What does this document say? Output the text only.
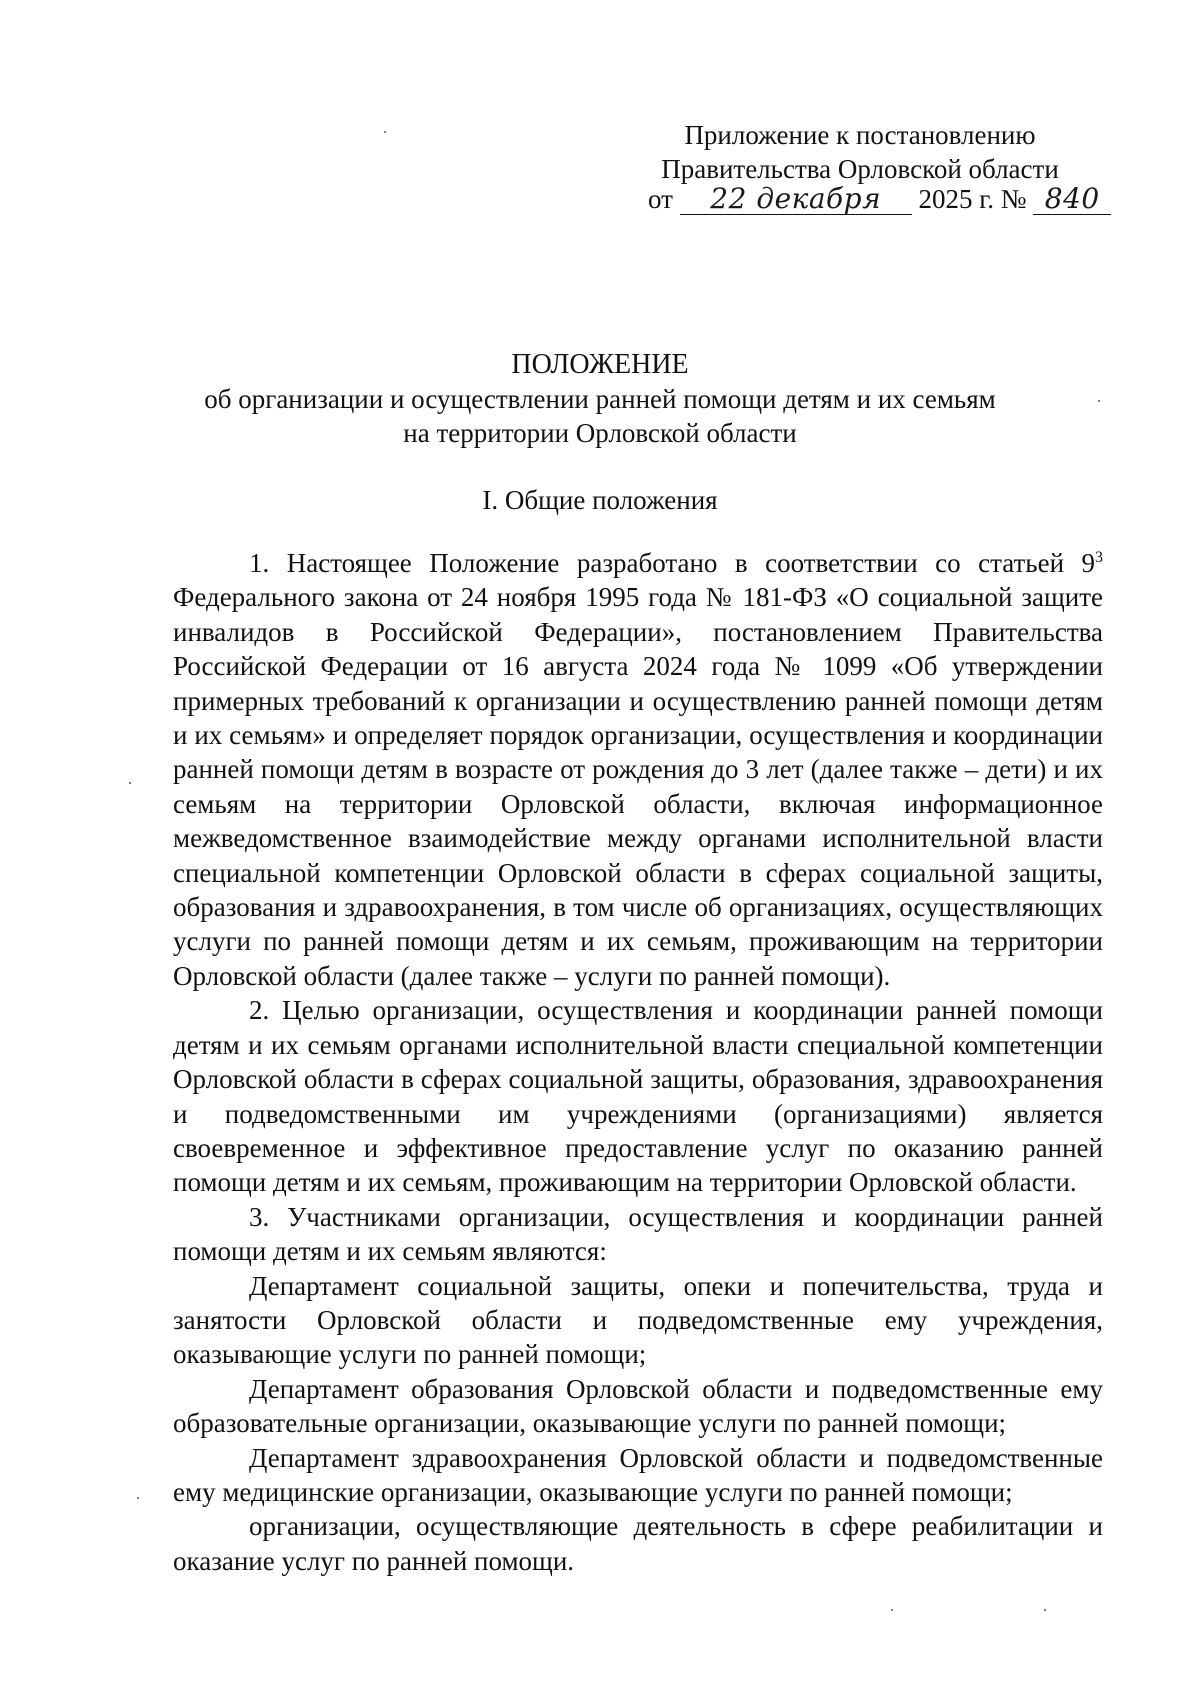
Приложение к постановлению
Правительства Орловской области
от 22 декабря 2025 г. № 840
ПОЛОЖЕНИЕ
об организации и осуществлении ранней помощи детям и их семьям
на территории Орловской области
I. Общие положения

1. Настоящее Положение разработано в соответствии со статьей $9^3$ Федерального закона от 24 ноября 1995 года № 181-ФЗ «О социальной защите инвалидов в Российской Федерации», постановлением Правительства Российской Федерации от 16 августа 2024 года № 1099 «Об утверждении примерных требований к организации и осуществлению ранней помощи детям и их семьям» и определяет порядок организации, осуществления и координации ранней помощи детям в возрасте от рождения до 3 лет (далее также – дети) и их семьям на территории Орловской области, включая информационное межведомственное взаимодействие между органами исполнительной власти специальной компетенции Орловской области в сферах социальной защиты, образования и здравоохранения, в том числе об организациях, осуществляющих услуги по ранней помощи детям и их семьям, проживающим на территории Орловской области (далее также – услуги по ранней помощи).

2. Целью организации, осуществления и координации ранней помощи детям и их семьям органами исполнительной власти специальной компетенции Орловской области в сферах социальной защиты, образования, здравоохранения и подведомственными им учреждениями (организациями) является своевременное и эффективное предоставление услуг по оказанию ранней помощи детям и их семьям, проживающим на территории Орловской области.

3. Участниками организации, осуществления и координации ранней помощи детям и их семьям являются:

Департамент социальной защиты, опеки и попечительства, труда и занятости Орловской области и подведомственные ему учреждения, оказывающие услуги по ранней помощи;

Департамент образования Орловской области и подведомственные ему образовательные организации, оказывающие услуги по ранней помощи;

Департамент здравоохранения Орловской области и подведомственные ему медицинские организации, оказывающие услуги по ранней помощи;

организации, осуществляющие деятельность в сфере реабилитации и оказание услуг по ранней помощи.
